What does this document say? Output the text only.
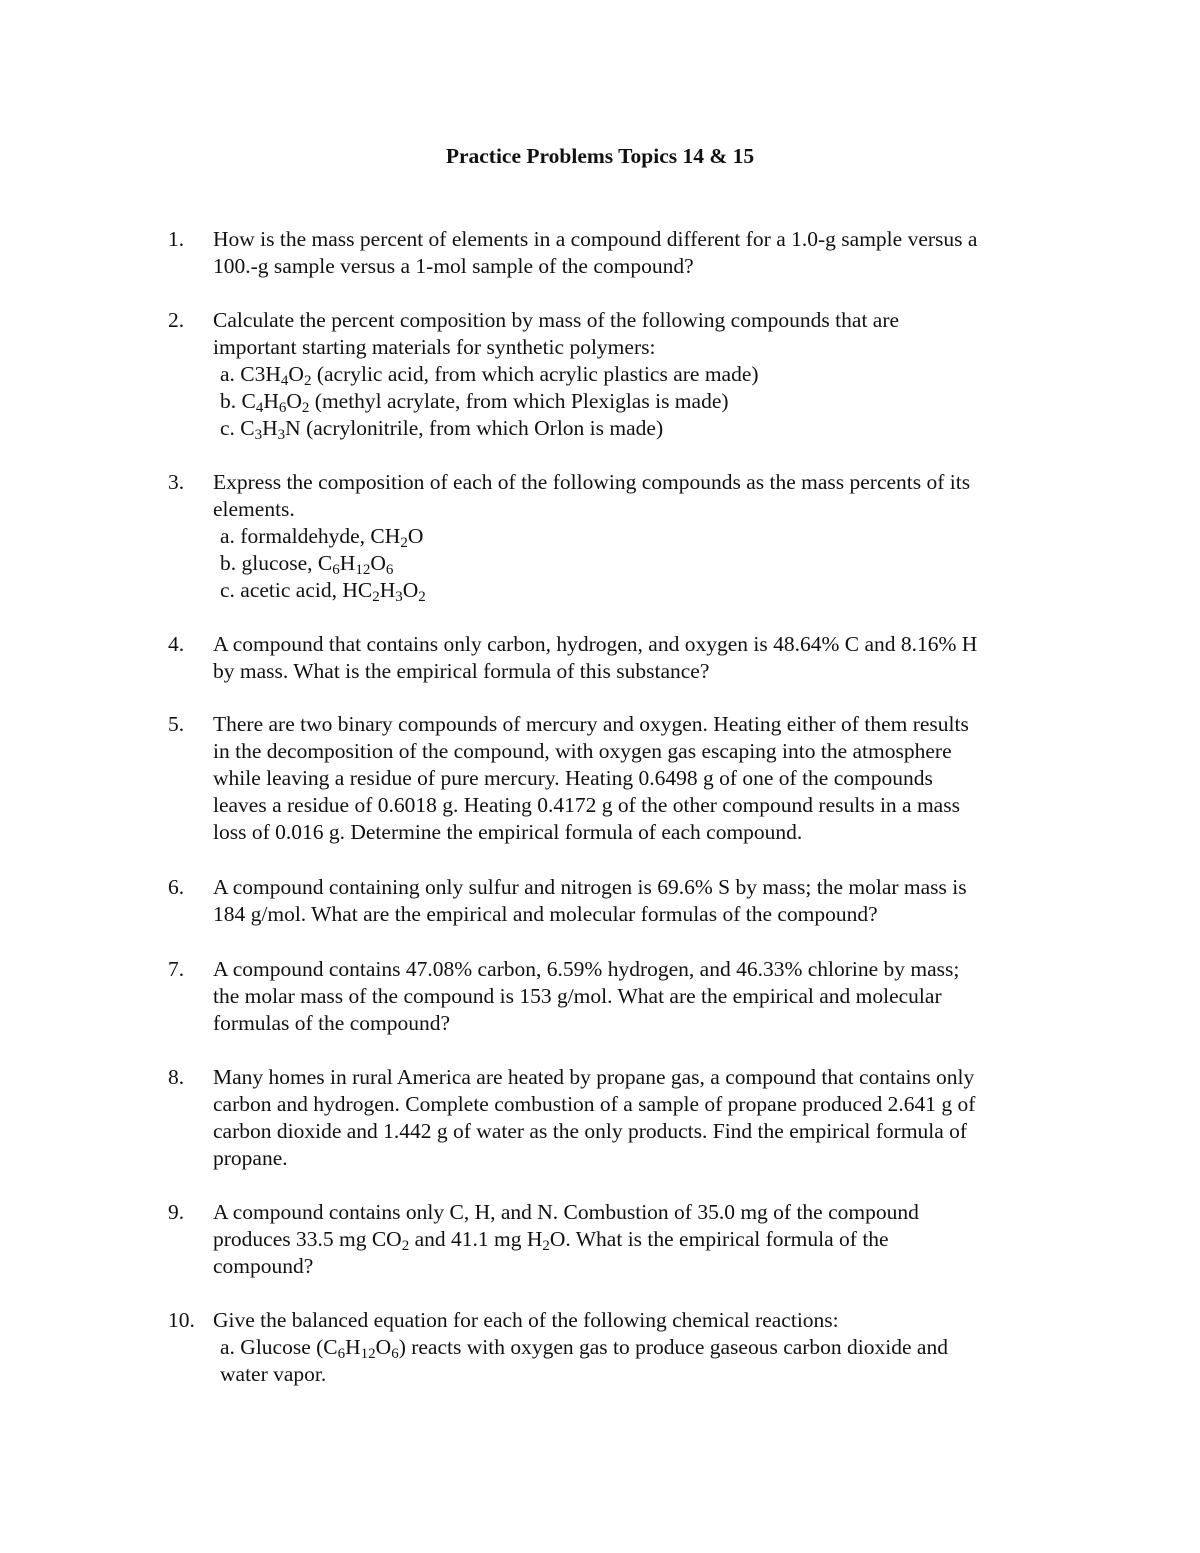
Practice Problems Topics 14 & 15
1.	How is the mass percent of elements in a compound different for a 1.0-g sample versus a
100.-g sample versus a 1-mol sample of the compound?
2.	Calculate the percent composition by mass of the following compounds that are
important starting materials for synthetic polymers:
a. $C3H_4O_2$ (acrylic acid, from which acrylic plastics are made)
b. $C_4H_6O_2$ (methyl acrylate, from which Plexiglas is made)
c. $C_3H_3N$ (acrylonitrile, from which Orlon is made)
3.	Express the composition of each of the following compounds as the mass percents of its
elements.
a. formaldehyde, $CH_2O$
b. glucose, $C_6H_{12}O_6$
c. acetic acid, $HC_2H_3O_2$
4.	A compound that contains only carbon, hydrogen, and oxygen is 48.64% C and 8.16% H
by mass. What is the empirical formula of this substance?
5.	There are two binary compounds of mercury and oxygen. Heating either of them results
in the decomposition of the compound, with oxygen gas escaping into the atmosphere
while leaving a residue of pure mercury. Heating 0.6498 g of one of the compounds
leaves a residue of 0.6018 g. Heating 0.4172 g of the other compound results in a mass
loss of 0.016 g. Determine the empirical formula of each compound.
6.	A compound containing only sulfur and nitrogen is 69.6% S by mass; the molar mass is
184 g/mol. What are the empirical and molecular formulas of the compound?
7.	A compound contains 47.08% carbon, 6.59% hydrogen, and 46.33% chlorine by mass;
the molar mass of the compound is 153 g/mol. What are the empirical and molecular
formulas of the compound?
8.	Many homes in rural America are heated by propane gas, a compound that contains only
carbon and hydrogen. Complete combustion of a sample of propane produced 2.641 g of
carbon dioxide and 1.442 g of water as the only products. Find the empirical formula of
propane.
9.	A compound contains only C, H, and N. Combustion of 35.0 mg of the compound
produces 33.5 mg $CO_2$ and 41.1 mg $H_2O$. What is the empirical formula of the
compound?
10. Give the balanced equation for each of the following chemical reactions:
a. Glucose $(C_6H_{12}O_6)$ reacts with oxygen gas to produce gaseous carbon dioxide and
water vapor.
